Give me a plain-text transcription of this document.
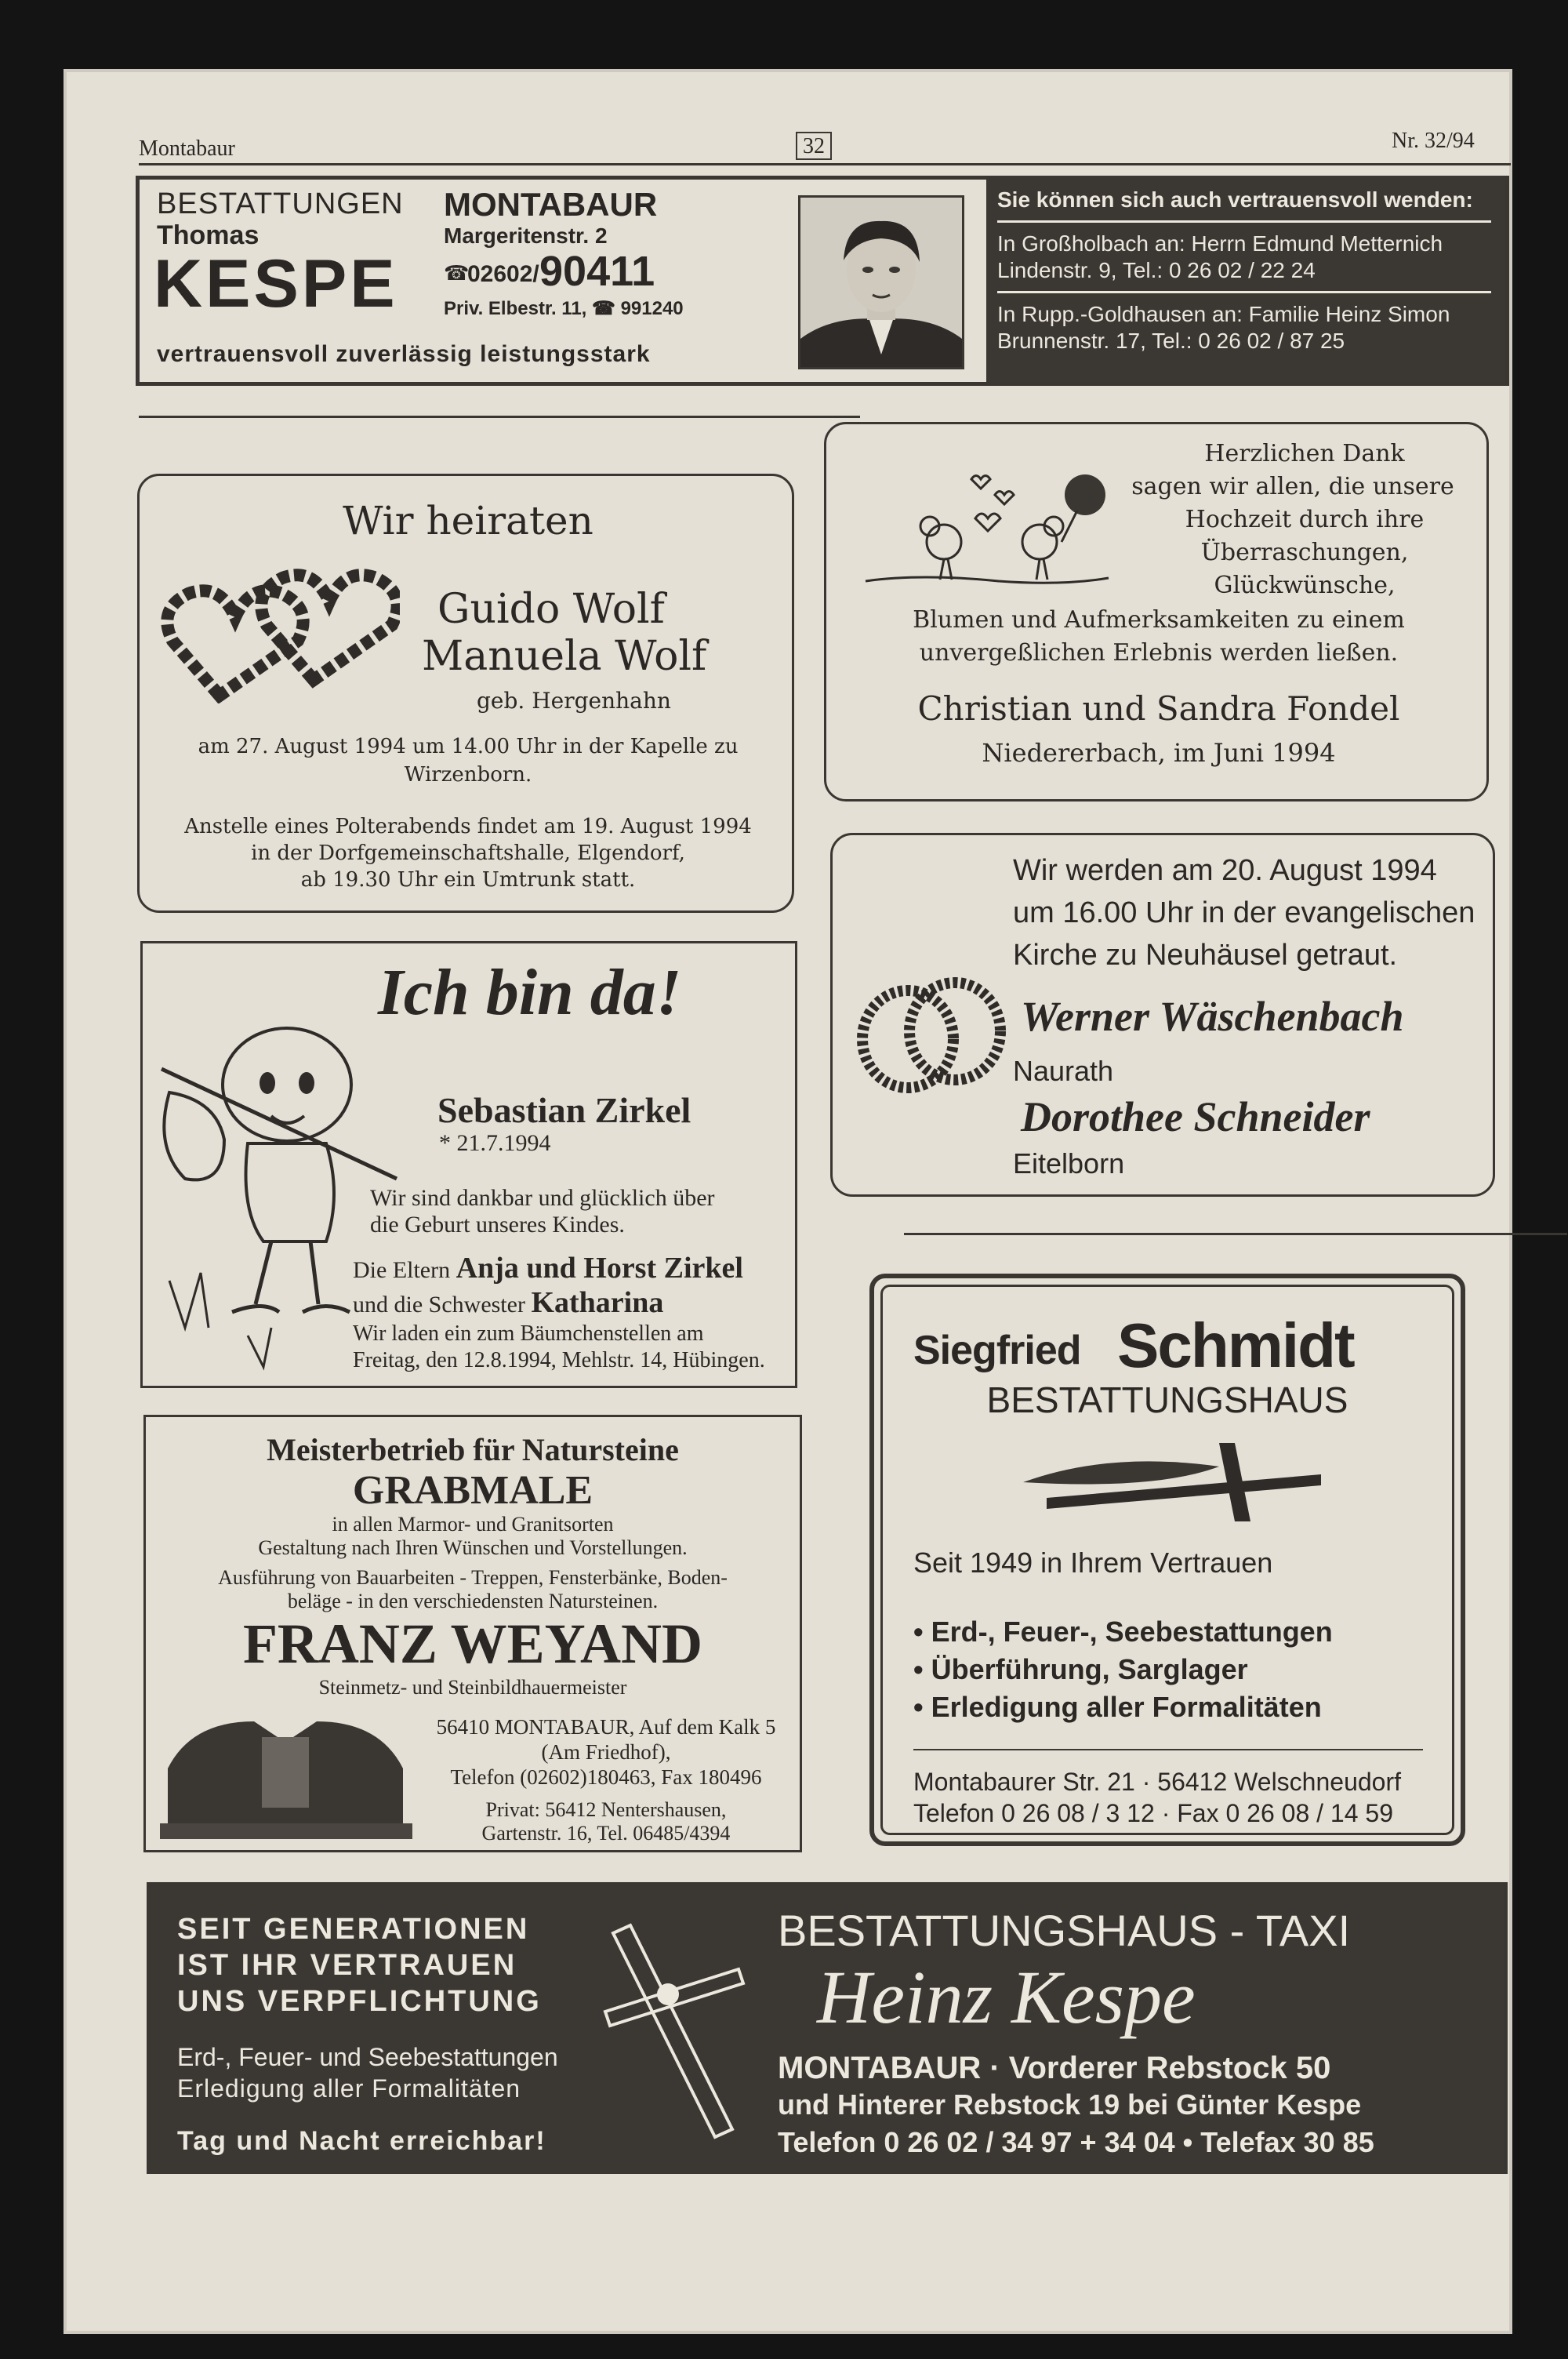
Montabaur	32	Nr. 32/94
BESTATTUNGEN
Thomas
KESPE
vertrauensvoll zuverlässig leistungsstark
MONTABAUR
Margeritenstr. 2
☎
02602/ 90411
Priv. Elbestr. 11, ☎ 991240
Sie können sich auch vertrauensvoll wenden:
In Großholbach an: Herrn Edmund Metternich
Lindenstr. 9, Tel.: 0 26 02 / 22 24
In Rupp.-Goldhausen an: Familie Heinz Simon
Brunnenstr. 17, Tel.: 0 26 02 / 87 25
Wir heiraten
Guido Wolf
Manuela Wolf
geb. Hergenhahn
am 27. August 1994 um 14.00 Uhr in der Kapelle zu
Wirzenborn.
Anstelle eines Polterabends findet am 19. August 1994
in der Dorfgemeinschaftshalle, Elgendorf,
ab 19.30 Uhr ein Umtrunk statt.
Herzlichen Dank
sagen wir allen, die unsere
Hochzeit durch ihre
Überraschungen,
Glückwünsche,
Blumen und Aufmerksamkeiten zu einem
unvergeßlichen Erlebnis werden ließen.
Christian und Sandra Fondel
Niedererbach, im Juni 1994
Ich bin da!
Sebastian Zirkel
* 21.7.1994
Wir sind dankbar und glücklich über
die Geburt unseres Kindes.
Die Eltern Anja und Horst Zirkel
und die Schwester Katharina
Wir laden ein zum Bäumchenstellen am
Freitag, den 12.8.1994, Mehlstr. 14, Hübingen.
Wir werden am 20. August 1994
um 16.00 Uhr in der evangelischen
Kirche zu Neuhäusel getraut.
Werner Wäschenbach
Naurath
Dorothee Schneider
Eitelborn
Meisterbetrieb für Natursteine
GRABMALE
in allen Marmor- und Granitsorten
Gestaltung nach Ihren Wünschen und Vorstellungen.
Ausführung von Bauarbeiten - Treppen, Fensterbänke, Boden-
beläge - in den verschiedensten Natursteinen.
FRANZ WEYAND
Steinmetz- und Steinbildhauermeister
56410 MONTABAUR, Auf dem Kalk 5
(Am Friedhof),
Telefon (02602)180463, Fax 180496
Privat: 56412 Nentershausen,
Gartenstr. 16, Tel. 06485/4394
Siegfried Schmidt
BESTATTUNGSHAUS
Seit 1949 in Ihrem Vertrauen
• Erd-, Feuer-, Seebestattungen
• Überführung, Sarglager
• Erledigung aller Formalitäten
Montabaurer Str. 21 · 56412 Welschneudorf
Telefon 0 26 08 / 3 12 · Fax 0 26 08 / 14 59
SEIT GENERATIONEN
IST IHR VERTRAUEN
UNS VERPFLICHTUNG
Erd-, Feuer- und Seebestattungen
Erledigung aller Formalitäten
Tag und Nacht erreichbar!
BESTATTUNGSHAUS - TAXI
Heinz Kespe
MONTABAUR · Vorderer Rebstock 50
und Hinterer Rebstock 19 bei Günter Kespe
Telefon 0 26 02 / 34 97 + 34 04 • Telefax 30 85
